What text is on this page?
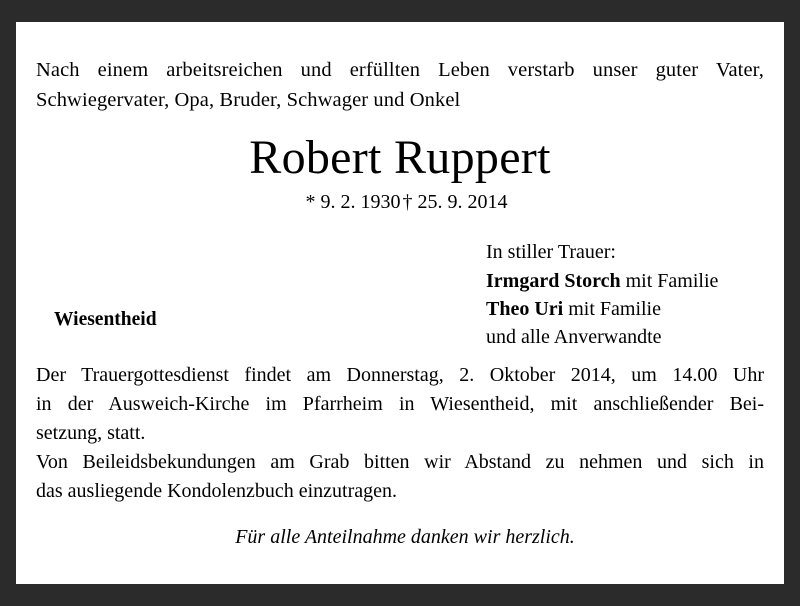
Nach einem arbeitsreichen und erfüllten Leben verstarb unser guter Vater,
Schwiegervater, Opa, Bruder, Schwager und Onkel
Robert Ruppert
* 9. 2. 1930 † 25. 9. 2014
In stiller Trauer:
Irmgard Storch mit Familie
Theo Uri mit Familie
und alle Anverwandte
Wiesentheid

Der Trauergottesdienst findet am Donnerstag, 2. Oktober 2014, um 14.00 Uhr

in der Ausweich-Kirche im Pfarrheim in Wiesentheid, mit anschließender Bei-

setzung, statt.

Von Beileidsbekundungen am Grab bitten wir Abstand zu nehmen und sich in

das ausliegende Kondolenzbuch einzutragen.

Für alle Anteilnahme danken wir herzlich.
